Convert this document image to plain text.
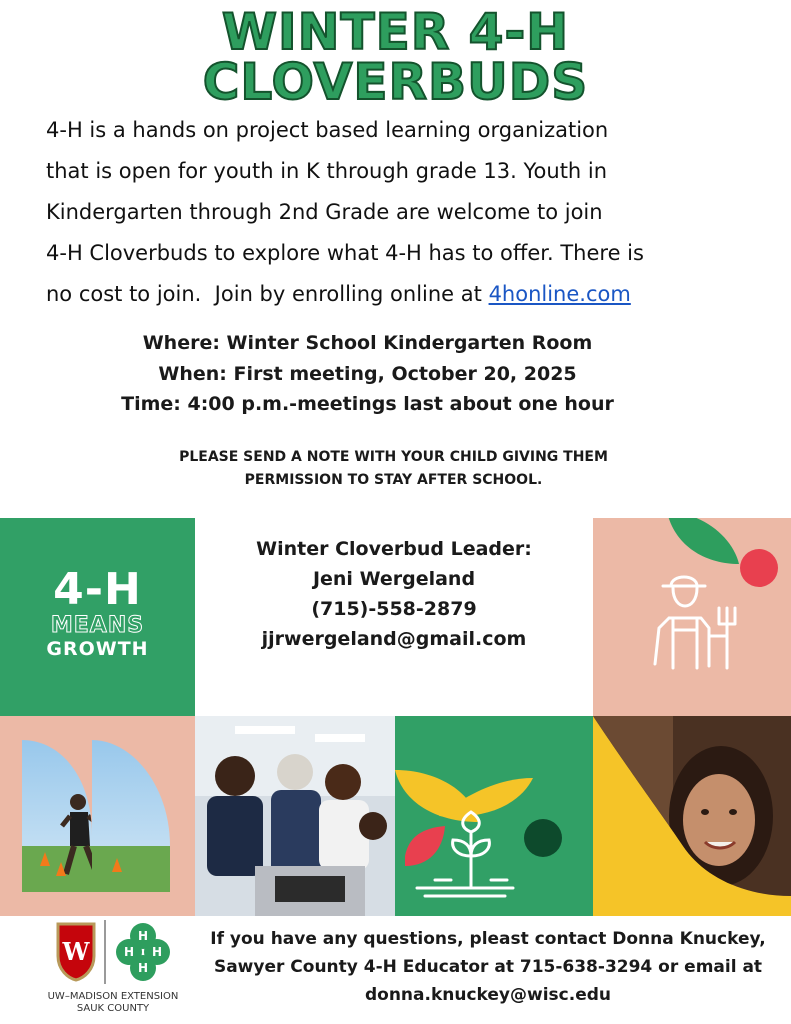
WINTER 4-H
CLOVERBUDS

4-H is a hands on project based learning organization

that is open for youth in K through grade 13. Youth in

Kindergarten through 2nd Grade are welcome to join

4-H Cloverbuds to explore what 4-H has to offer. There is

no cost to join.  Join by enrolling online at 4honline.com

Where: Winter School Kindergarten Room
When: First meeting, October 20, 2025
Time: 4:00 p.m.-meetings last about one hour
PLEASE SEND A NOTE WITH YOUR CHILD GIVING THEM
PERMISSION TO STAY AFTER SCHOOL.
4-H
MEANS
GROWTH
Winter Cloverbud Leader:
Jeni Wergeland
(715)-558-2879
jjrwergeland@gmail.com
W
H
H H
H
UW–MADISON EXTENSION
SAUK COUNTY
If you have any questions, pleast contact Donna Knuckey,
Sawyer County 4-H Educator at 715-638-3294 or email at
donna.knuckey@wisc.edu
